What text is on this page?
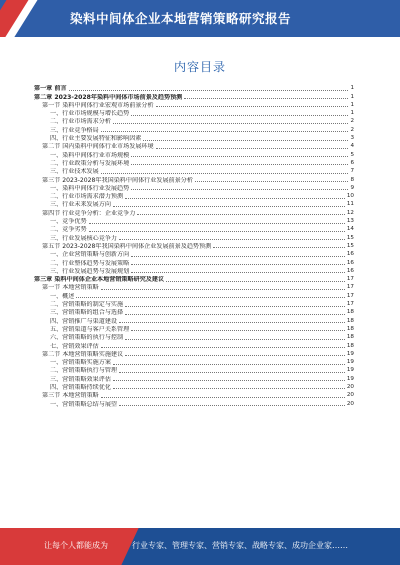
染料中间体企业本地营销策略研究报告
内容目录
第一章 前言	1
第二章 2023-2028年染料中间体市场前景及趋势预测	1
第一节 染料中间体行业宏观市场前景分析	1
一、行业市场规模与增长趋势	1
二、行业市场需求分析	2
三、行业竞争格局	2
四、行业主要发展特征和影响因素	3
第二节 国内染料中间体行业市场发展环境	4
一、染料中间体行业市场规模	5
二、行业政策分析与发展环境	6
三、行业技术发展	7
第三节 2023-2028年我国染料中间体行业发展前景分析	8
一、染料中间体行业发展趋势	9
二、行业市场需求潜力预测	10
三、行业未来发展方向	11
第四节 行业竞争分析：企业竞争力	12
一、竞争优势	13
二、竞争劣势	14
三、行业发展核心竞争力	15
第五节 2023-2028年我国染料中间体企业发展前景及趋势预测	15
一、企业营销策略与创新方向	16
二、行业整体趋势与发展策略	16
三、行业发展趋势与发展规划	16
第三章 染料中间体企业本地营销策略研究及建议	17
第一节 本地营销策略	17
一、概述	17
二、营销策略的制定与实施	17
三、营销策略的组合与选择	18
四、营销推广与渠道建设	18
五、营销渠道与客户关系管理	18
六、营销策略的执行与控制	18
七、营销效果评估	18
第二节 本地营销策略实施建议	19
一、营销策略实施方案	19
二、营销策略执行与管理	19
三、营销策略效果评估	19
四、营销策略持续优化	20
第三节 本地营销策略	20
一、营销策略总结与展望	20
让每个人都能成为	行业专家、管理专家、营销专家、战略专家、成功企业家……
